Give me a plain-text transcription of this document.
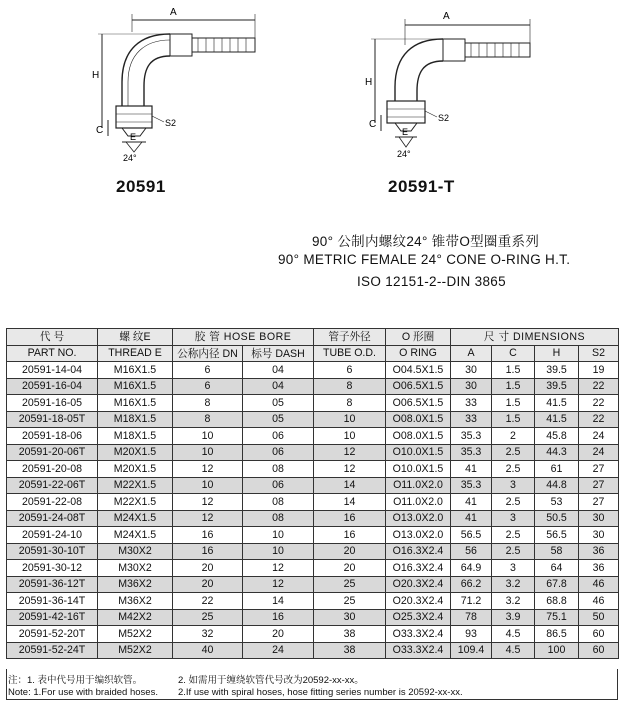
A
H
C
E
S2
24°
A
H
C
E
S2
24°
20591	20591-T
90° 公制内螺纹24° 锥带O型圈重系列
90° METRIC FEMALE 24° CONE O-RING H.T.
ISO 12151-2--DIN 3865
代 号	螺 纹E	胶 管 HOSE BORE		管子外径	O 形圈	尺 寸 DIMENSIONS			
PART NO.	THREAD E	公称内径 DN	标号 DASH	TUBE O.D.	O RING	A	C	H	S2
20591-14-04	M16X1.5	6	04	6	O04.5X1.5	30	1.5	39.5	19
20591-16-04	M16X1.5	6	04	8	O06.5X1.5	30	1.5	39.5	22
20591-16-05	M16X1.5	8	05	8	O06.5X1.5	33	1.5	41.5	22
20591-18-05T	M18X1.5	8	05	10	O08.0X1.5	33	1.5	41.5	22
20591-18-06	M18X1.5	10	06	10	O08.0X1.5	35.3	2	45.8	24
20591-20-06T	M20X1.5	10	06	12	O10.0X1.5	35.3	2.5	44.3	24
20591-20-08	M20X1.5	12	08	12	O10.0X1.5	41	2.5	61	27
20591-22-06T	M22X1.5	10	06	14	O11.0X2.0	35.3	3	44.8	27
20591-22-08	M22X1.5	12	08	14	O11.0X2.0	41	2.5	53	27
20591-24-08T	M24X1.5	12	08	16	O13.0X2.0	41	3	50.5	30
20591-24-10	M24X1.5	16	10	16	O13.0X2.0	56.5	2.5	56.5	30
20591-30-10T	M30X2	16	10	20	O16.3X2.4	56	2.5	58	36
20591-30-12	M30X2	20	12	20	O16.3X2.4	64.9	3	64	36
20591-36-12T	M36X2	20	12	25	O20.3X2.4	66.2	3.2	67.8	46
20591-36-14T	M36X2	22	14	25	O20.3X2.4	71.2	3.2	68.8	46
20591-42-16T	M42X2	25	16	30	O25.3X2.4	78	3.9	75.1	50
20591-52-20T	M52X2	32	20	38	O33.3X2.4	93	4.5	86.5	60
20591-52-24T	M52X2	40	24	38	O33.3X2.4	109.4	4.5	100	60
注：1. 表中代号用于编织软管。	2. 如需用于缠绕软管代号改为20592-xx-xx。
Note: 1.For use with braided hoses. 2.If use with spiral hoses, hose fitting series number is 20592-xx-xx.
